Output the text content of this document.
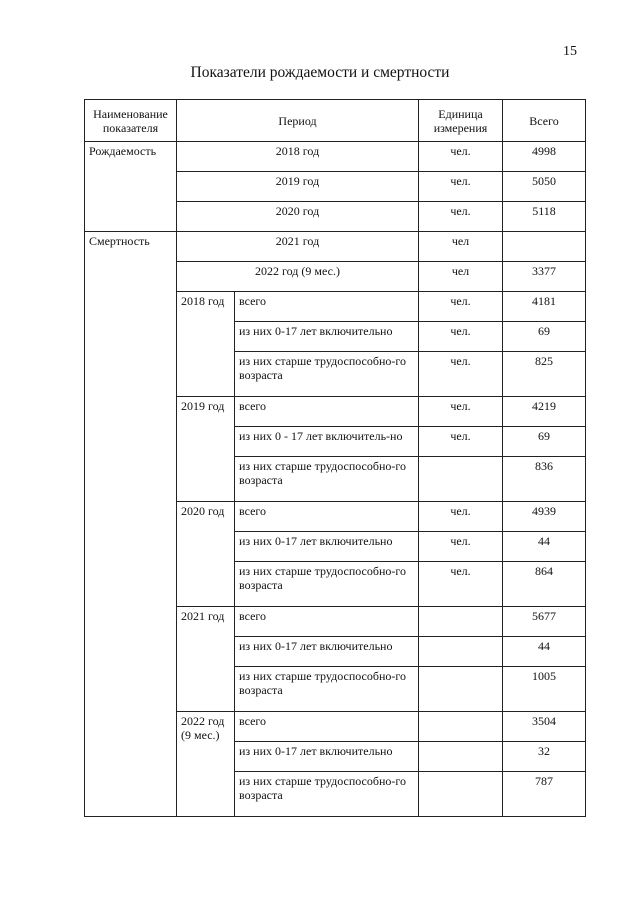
15
Показатели рождаемости и смертности
Наименование показателя	Период		Единица измерения	Всего
Рождаемость	2018 год		чел.	4998
	2019 год		чел.	5050
	2020 год		чел.	5118
Смертность	2021 год		чел	
	2022 год (9 мес.)		чел	3377
	2018 год	всего	чел.	4181
		из них 0-17 лет включительно	чел.	69
		из них старше трудоспособно-го возраста	чел.	825
	2019 год	всего	чел.	4219
		из них 0 - 17 лет включитель-но	чел.	69
		из них старше трудоспособно-го возраста		836
	2020 год	всего	чел.	4939
		из них 0-17 лет включительно	чел.	44
		из них старше трудоспособно-го возраста	чел.	864
	2021 год	всего		5677
		из них 0-17 лет включительно		44
		из них старше трудоспособно-го возраста		1005
	2022 год (9 мес.)	всего		3504
		из них 0-17 лет включительно		32
		из них старше трудоспособно-го возраста		787
